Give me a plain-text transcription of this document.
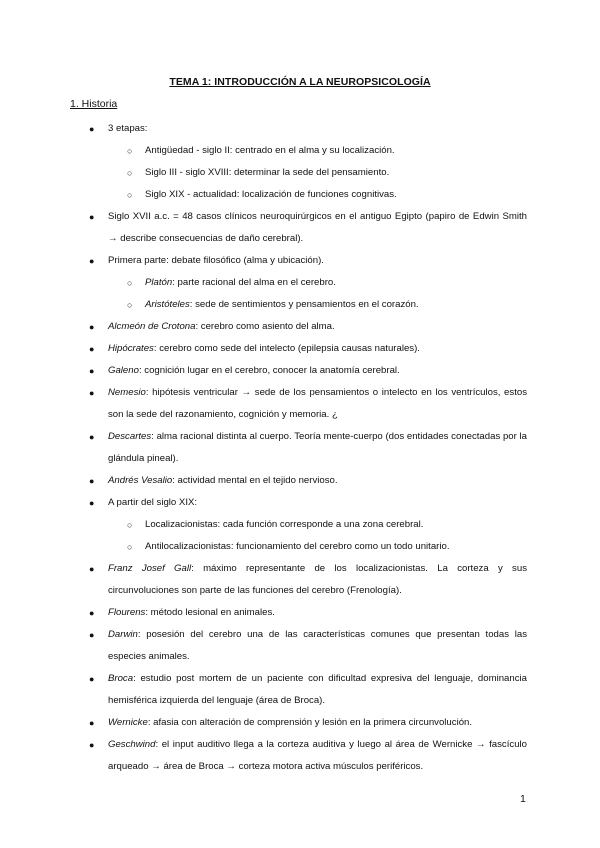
TEMA 1: INTRODUCCIÓN A LA NEUROPSICOLOGÍA
1. Historia
● 3 etapas:
○ Antigüedad - siglo II: centrado en el alma y su localización.
○ Siglo III - siglo XVIII: determinar la sede del pensamiento.
○ Siglo XIX - actualidad: localización de funciones cognitivas.
● Siglo XVII a.c. = 48 casos clínicos neuroquirúrgicos en el antiguo Egipto (papiro de Edwin Smith → describe consecuencias de daño cerebral).
● Primera parte: debate filosófico (alma y ubicación).
○ Platón: parte racional del alma en el cerebro.
○ Aristóteles: sede de sentimientos y pensamientos en el corazón.
● Alcmeón de Crotona: cerebro como asiento del alma.
● Hipócrates: cerebro como sede del intelecto (epilepsia causas naturales).
● Galeno: cognición lugar en el cerebro, conocer la anatomía cerebral.
● Nemesio: hipótesis ventricular → sede de los pensamientos o intelecto en los ventrículos, estos son la sede del razonamiento, cognición y memoria. ¿
● Descartes: alma racional distinta al cuerpo. Teoría mente-cuerpo (dos entidades conectadas por la glándula pineal).
● Andrés Vesalio: actividad mental en el tejido nervioso.
● A partir del siglo XIX:
○ Localizacionistas: cada función corresponde a una zona cerebral.
○ Antilocalizacionistas: funcionamiento del cerebro como un todo unitario.
● Franz Josef Gall: máximo representante de los localizacionistas. La corteza y sus circunvoluciones son parte de las funciones del cerebro (Frenología).
● Flourens: método lesional en animales.
● Darwin: posesión del cerebro una de las características comunes que presentan todas las especies animales.
● Broca: estudio post mortem de un paciente con dificultad expresiva del lenguaje, dominancia hemisférica izquierda del lenguaje (área de Broca).
● Wernicke: afasia con alteración de comprensión y lesión en la primera circunvolución.
● Geschwind: el input auditivo llega a la corteza auditiva y luego al área de Wernicke → fascículo arqueado → área de Broca → corteza motora activa músculos periféricos.
1
